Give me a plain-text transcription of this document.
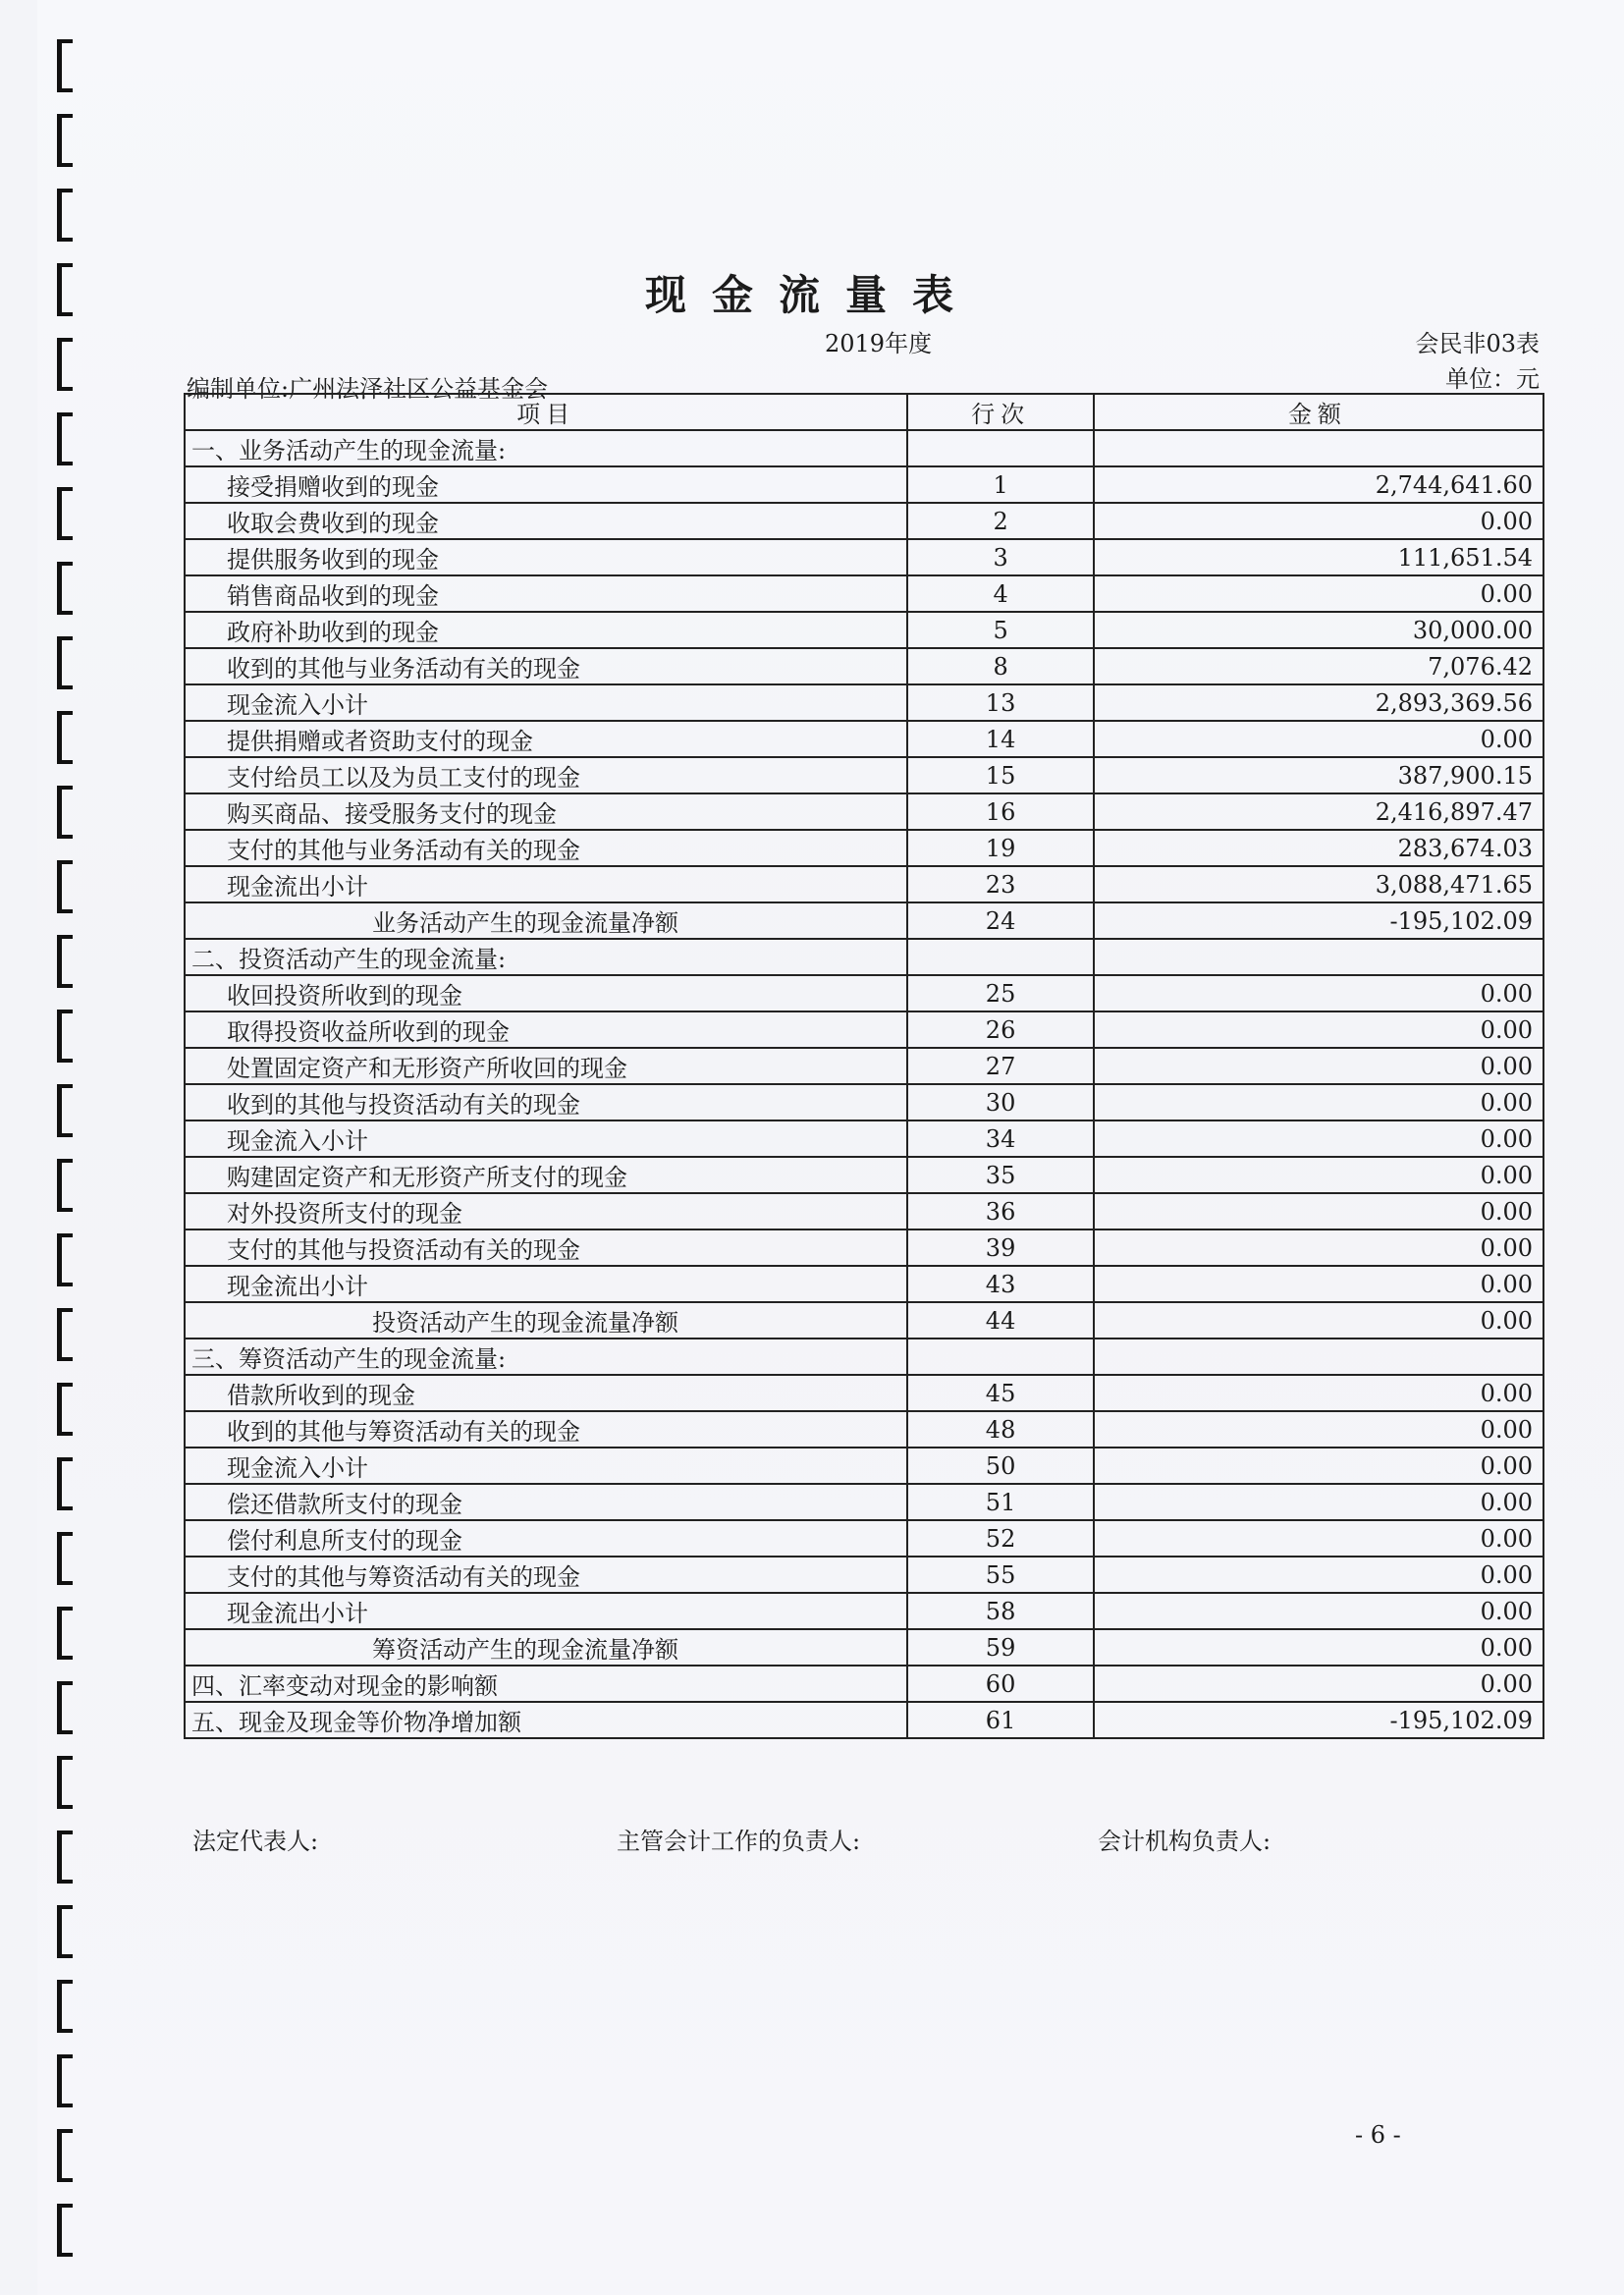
现金流量表
2019年度	会民非03表
单位：元
编制单位:广州法泽社区公益基金会
项目	行次	金额
一、业务活动产生的现金流量:		
接受捐赠收到的现金	1	2,744,641.60
收取会费收到的现金	2	0.00
提供服务收到的现金	3	111,651.54
销售商品收到的现金	4	0.00
政府补助收到的现金	5	30,000.00
收到的其他与业务活动有关的现金	8	7,076.42
现金流入小计	13	2,893,369.56
提供捐赠或者资助支付的现金	14	0.00
支付给员工以及为员工支付的现金	15	387,900.15
购买商品、接受服务支付的现金	16	2,416,897.47
支付的其他与业务活动有关的现金	19	283,674.03
现金流出小计	23	3,088,471.65
业务活动产生的现金流量净额	24	-195,102.09
二、投资活动产生的现金流量:		
收回投资所收到的现金	25	0.00
取得投资收益所收到的现金	26	0.00
处置固定资产和无形资产所收回的现金	27	0.00
收到的其他与投资活动有关的现金	30	0.00
现金流入小计	34	0.00
购建固定资产和无形资产所支付的现金	35	0.00
对外投资所支付的现金	36	0.00
支付的其他与投资活动有关的现金	39	0.00
现金流出小计	43	0.00
投资活动产生的现金流量净额	44	0.00
三、筹资活动产生的现金流量:		
借款所收到的现金	45	0.00
收到的其他与筹资活动有关的现金	48	0.00
现金流入小计	50	0.00
偿还借款所支付的现金	51	0.00
偿付利息所支付的现金	52	0.00
支付的其他与筹资活动有关的现金	55	0.00
现金流出小计	58	0.00
筹资活动产生的现金流量净额	59	0.00
四、汇率变动对现金的影响额	60	0.00
五、现金及现金等价物净增加额	61	-195,102.09
法定代表人:	主管会计工作的负责人:	会计机构负责人:
- 6 -
